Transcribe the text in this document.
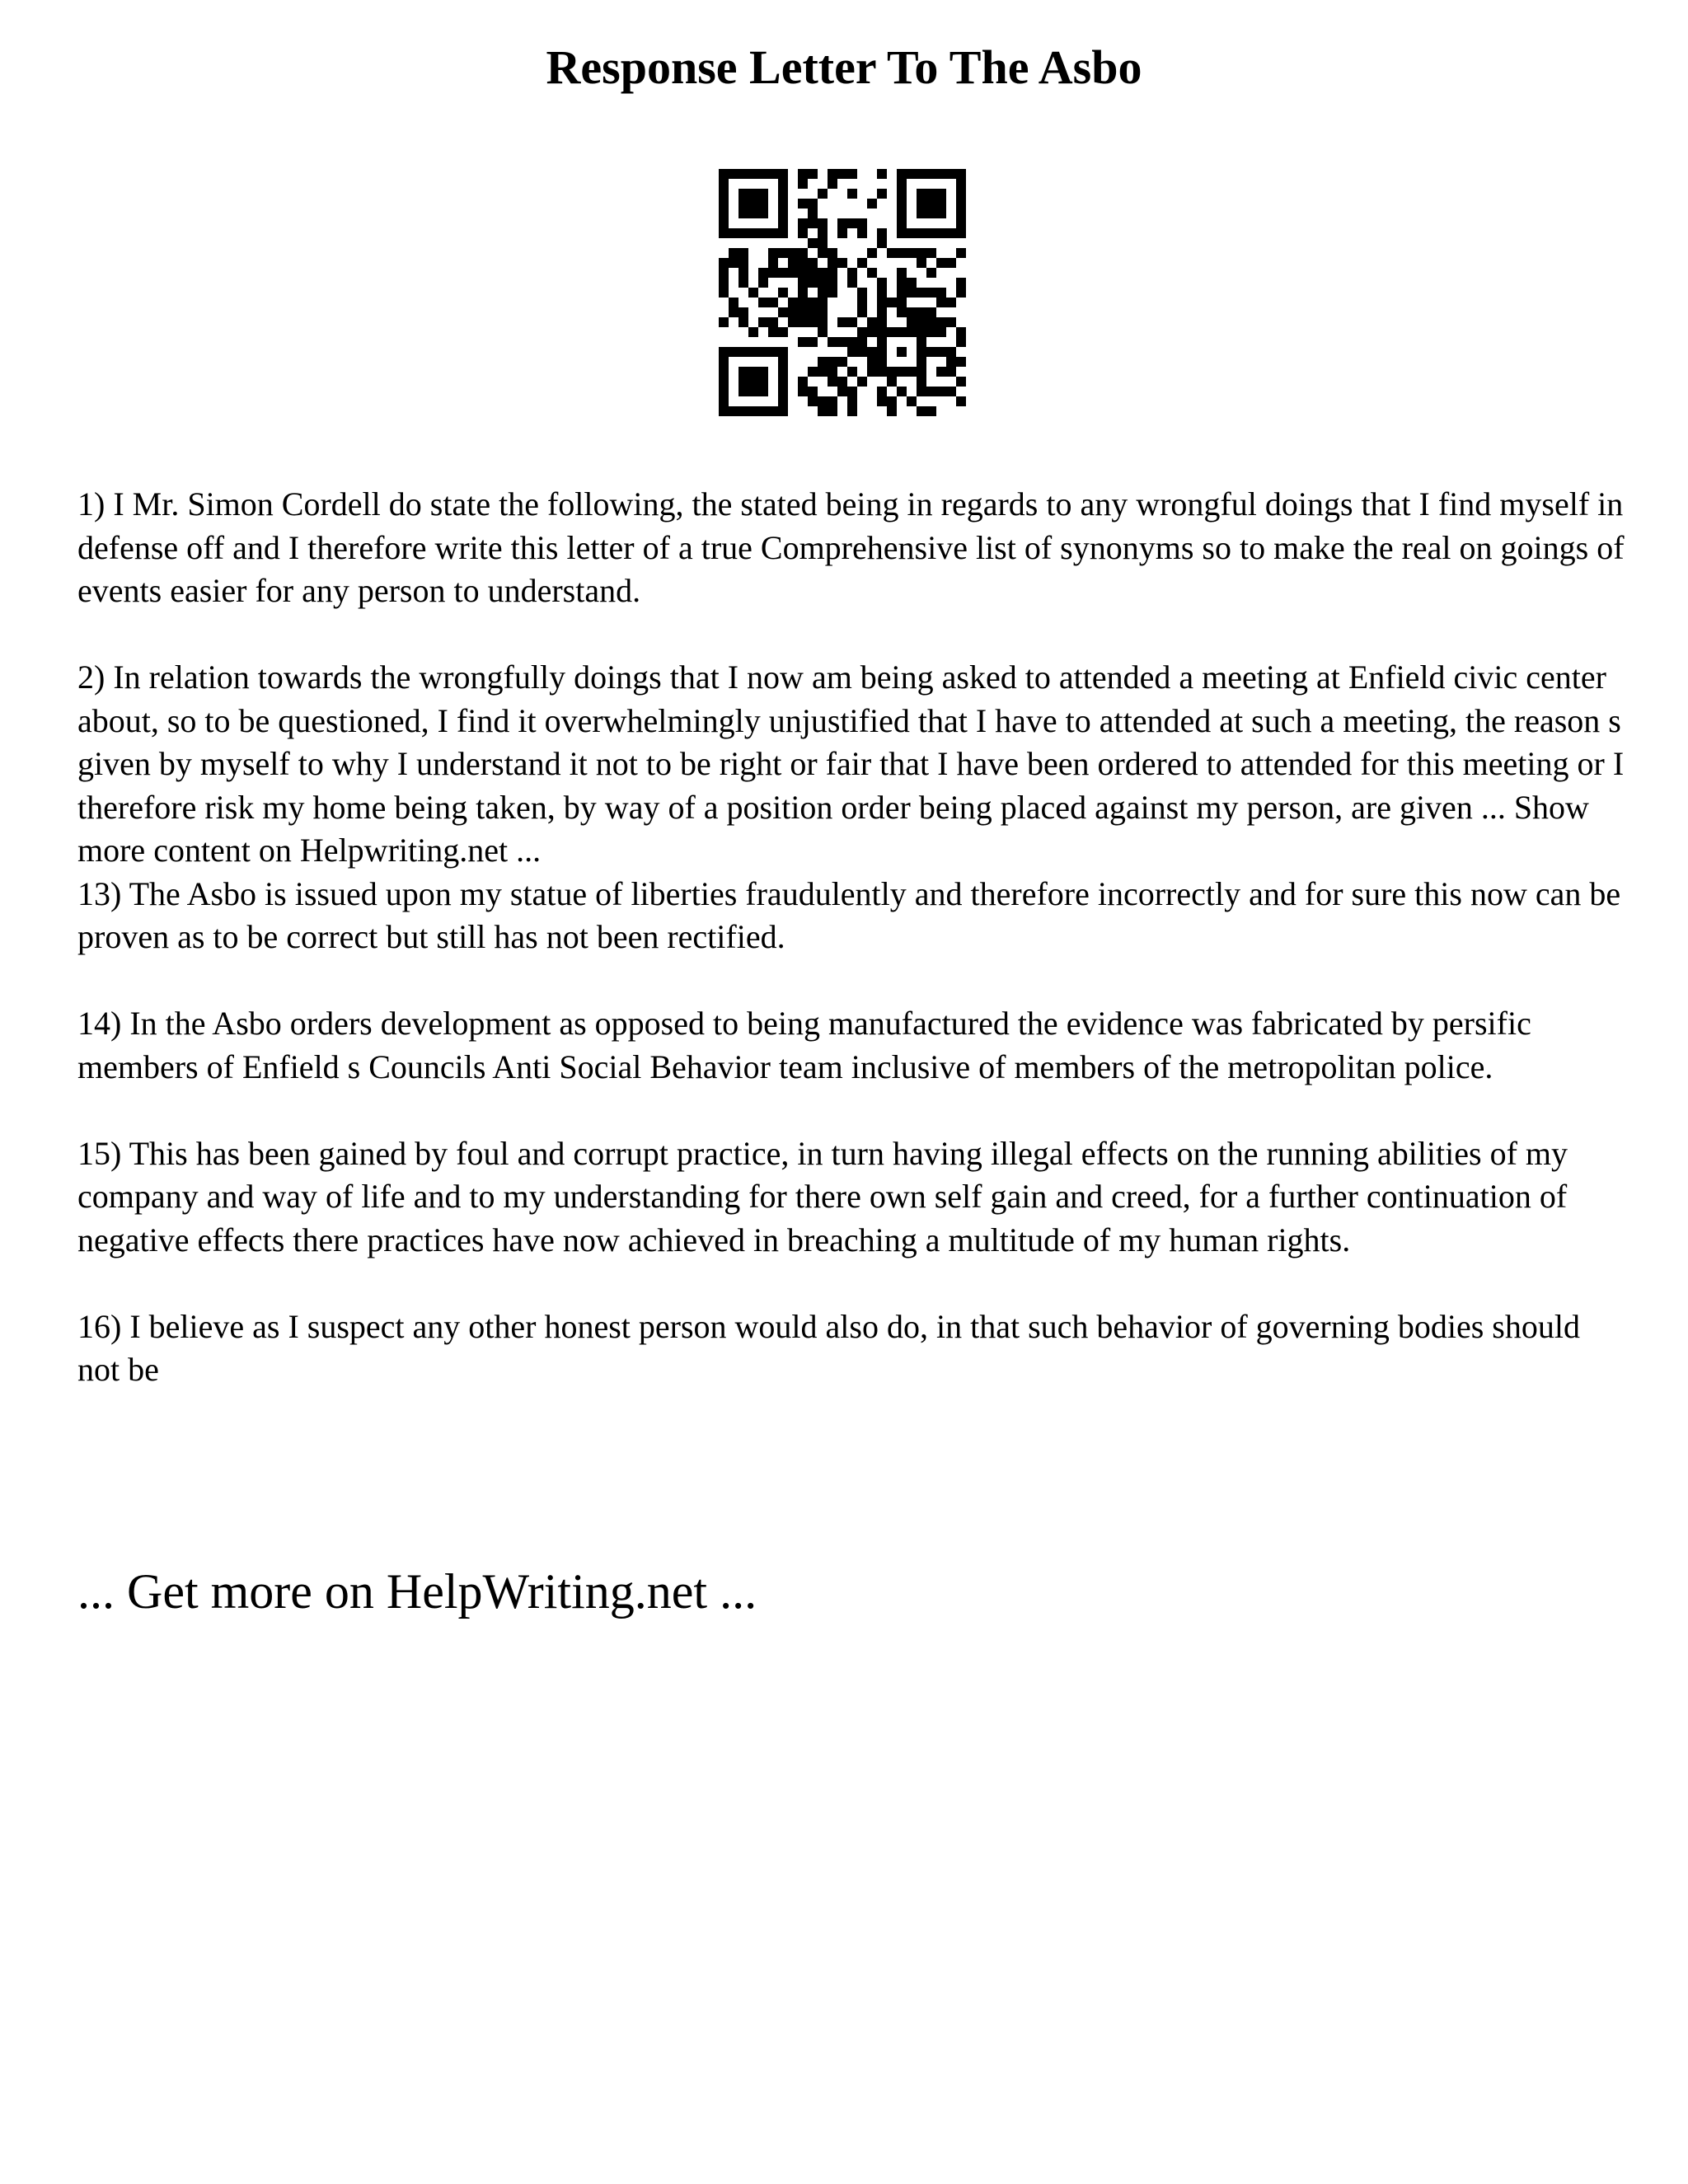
Response Letter To The Asbo

1) I Mr. Simon Cordell do state the following, the stated being in regards to any wrongful doings that I find myself in defense off and I therefore write this letter of a true Comprehensive list of synonyms so to make the real on goings of events easier for any person to understand.

2) In relation towards the wrongfully doings that I now am being asked to attended a meeting at Enfield civic center about, so to be questioned, I find it overwhelmingly unjustified that I have to attended at such a meeting, the reason s given by myself to why I understand it not to be right or fair that I have been ordered to attended for this meeting or I therefore risk my home being taken, by way of a position order being placed against my person, are given ... Show more content on Helpwriting.net ...

13) The Asbo is issued upon my statue of liberties fraudulently and therefore incorrectly and for sure this now can be proven as to be correct but still has not been rectified.

14) In the Asbo orders development as opposed to being manufactured the evidence was fabricated by persific members of Enfield s Councils Anti Social Behavior team inclusive of members of the metropolitan police.

15) This has been gained by foul and corrupt practice, in turn having illegal effects on the running abilities of my company and way of life and to my understanding for there own self gain and creed, for a further continuation of negative effects there practices have now achieved in breaching a multitude of my human rights.

16) I believe as I suspect any other honest person would also do, in that such behavior of governing bodies should not be

... Get more on HelpWriting.net ...
